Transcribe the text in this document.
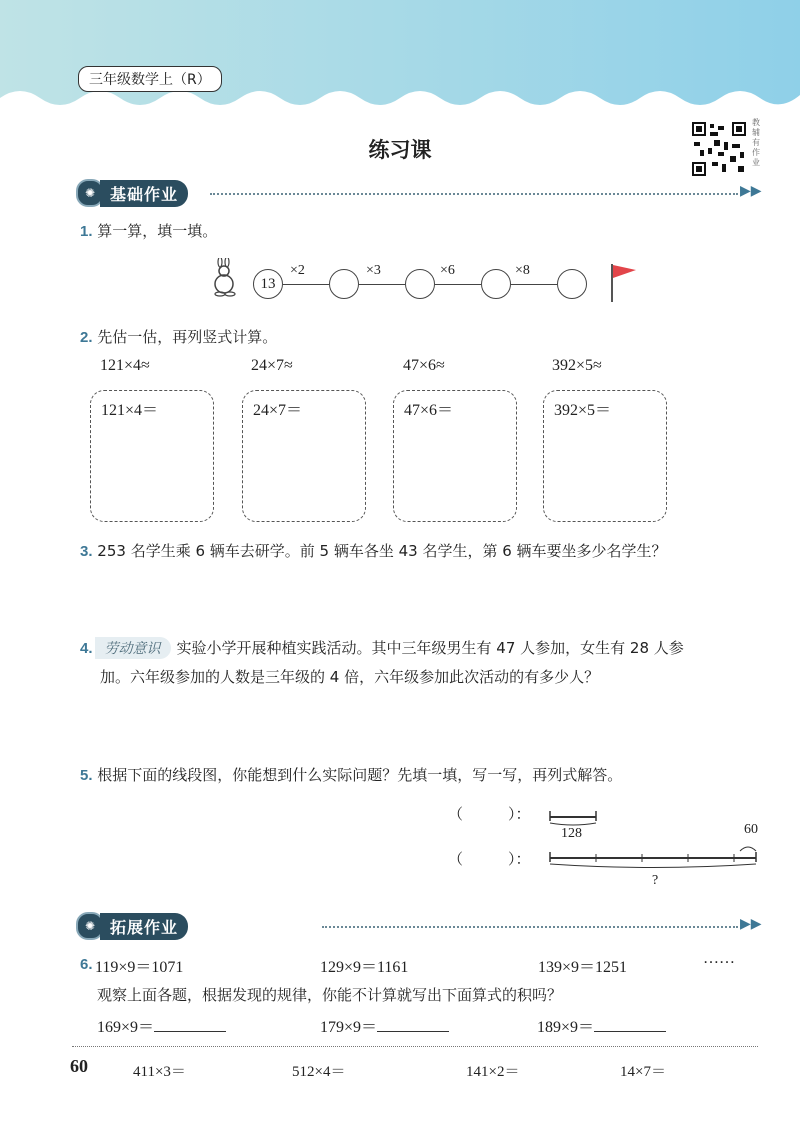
三年级数学上（R）
教辅有作业
练习课
✺ 基础作业	▶▶
1. 算一算，填一填。
13
×2	×3	×6	×8
2. 先估一估，再列竖式计算。
121×4≈	24×7≈	47×6≈	392×5≈
121×4＝	24×7＝	47×6＝	392×5＝
3. 253 名学生乘 6 辆车去研学。前 5 辆车各坐 43 名学生，第 6 辆车要坐多少名学生？
4. 劳动意识 实验小学开展种植实践活动。其中三年级男生有 47 人参加，女生有 28 人参
加。六年级参加的人数是三年级的 4 倍，六年级参加此次活动的有多少人？
5. 根据下面的线段图，你能想到什么实际问题？先填一填，写一写，再列式解答。
（　　　）：
（　　　）：
128	60
?
✺ 拓展作业	▶▶
6. 119×9＝1071	129×9＝1161	139×9＝1251
……
观察上面各题，根据发现的规律，你能不计算就写出下面算式的积吗？
169×9＝	179×9＝	189×9＝
60	411×3＝	512×4＝	141×2＝	14×7＝
